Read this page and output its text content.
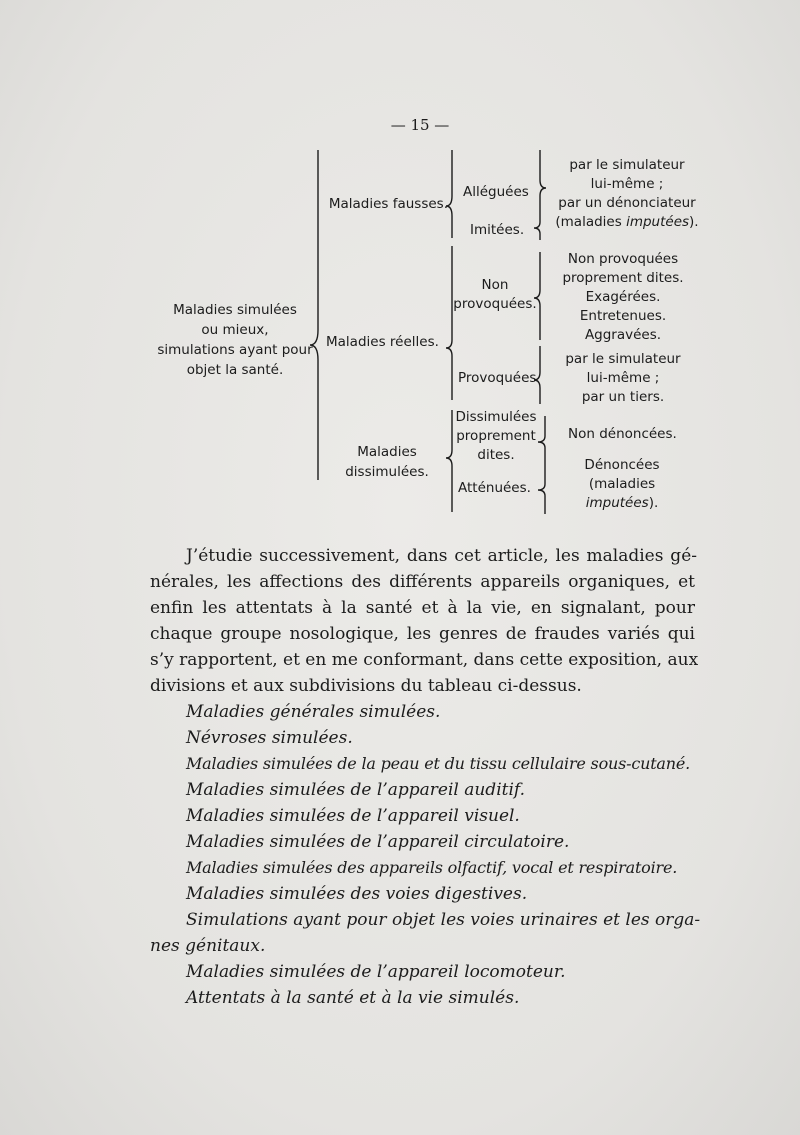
— 15 —
Maladies simulées
ou mieux,
simulations ayant pour
objet la santé.
Maladies fausses.
Maladies réelles.
Maladies
dissimulées.
Alléguées
Imitées.
Non
provoquées.
Provoquées
Dissimulées
proprement
dites.
Atténuées.
par le simulateur
lui-même ;
par un dénonciateur
(maladies imputées).
Non provoquées
proprement dites.
Exagérées.
Entretenues.
Aggravées.
par le simulateur
lui-même ;
par un tiers.
Non dénoncées.
Dénoncées
(maladies
imputées).
J’étudie successivement, dans cet article, les maladies gé-
nérales, les affections des différents appareils organiques, et
enfin les attentats à la santé et à la vie, en signalant, pour
chaque groupe nosologique, les genres de fraudes variés qui
s’y rapportent, et en me conformant, dans cette exposition, aux
divisions et aux subdivisions du tableau ci-dessus.
Maladies générales simulées.
Névroses simulées.
Maladies simulées de la peau et du tissu cellulaire sous-cutané.
Maladies simulées de l’appareil auditif.
Maladies simulées de l’appareil visuel.
Maladies simulées de l’appareil circulatoire.
Maladies simulées des appareils olfactif, vocal et respiratoire.
Maladies simulées des voies digestives.
Simulations ayant pour objet les voies urinaires et les orga-
nes génitaux.
Maladies simulées de l’appareil locomoteur.
Attentats à la santé et à la vie simulés.
